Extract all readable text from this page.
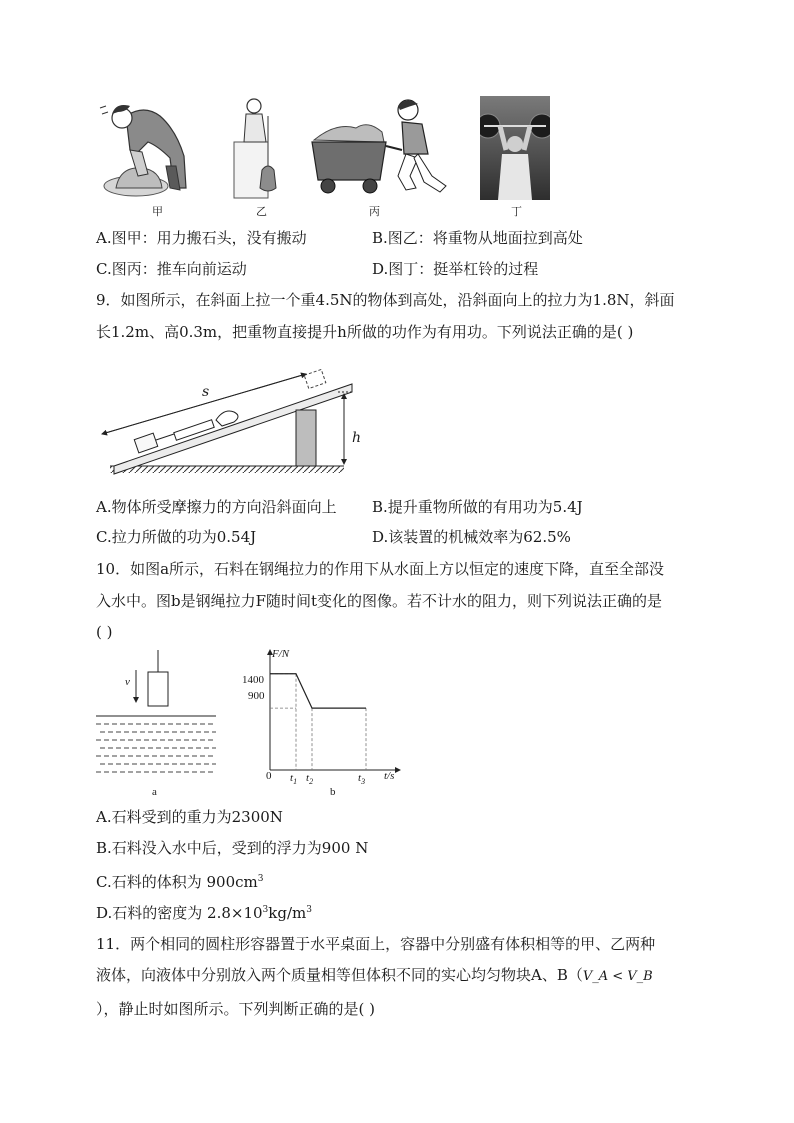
甲	乙	丙	丁
A.图甲：用力搬石头，没有搬动	B.图乙：将重物从地面拉到高处
C.图丙：推车向前运动	D.图丁：挺举杠铃的过程
9．如图所示，在斜面上拉一个重4.5N的物体到高处，沿斜面向上的拉力为1.8N，斜面
长1.2m、高0.3m，把重物直接提升h所做的功作为有用功。下列说法正确的是( )
s
h
A.物体所受摩擦力的方向沿斜面向上 B.提升重物所做的有用功为5.4J
C.拉力所做的功为0.54J	D.该装置的机械效率为62.5%
10．如图a所示，石料在钢绳拉力的作用下从水面上方以恒定的速度下降，直至全部没
入水中。图b是钢绳拉力F随时间t变化的图像。若不计水的阻力，则下列说法正确的是
( )
v
a
F/N
1400
900
0 $t_1$ $t_2$	$t_3$ t/s
b
A.石料受到的重力为2300N
B.石料没入水中后，受到的浮力为900 N
C.石料的体积为 $900cm^3$
D.石料的密度为 $2.8\times 10^3kg/m^3$
11．两个相同的圆柱形容器置于水平桌面上，容器中分别盛有体积相等的甲、乙两种
液体，向液体中分别放入两个质量相等但体积不同的实心均匀物块A、B（V_A < V_B
），静止时如图所示。下列判断正确的是( )
